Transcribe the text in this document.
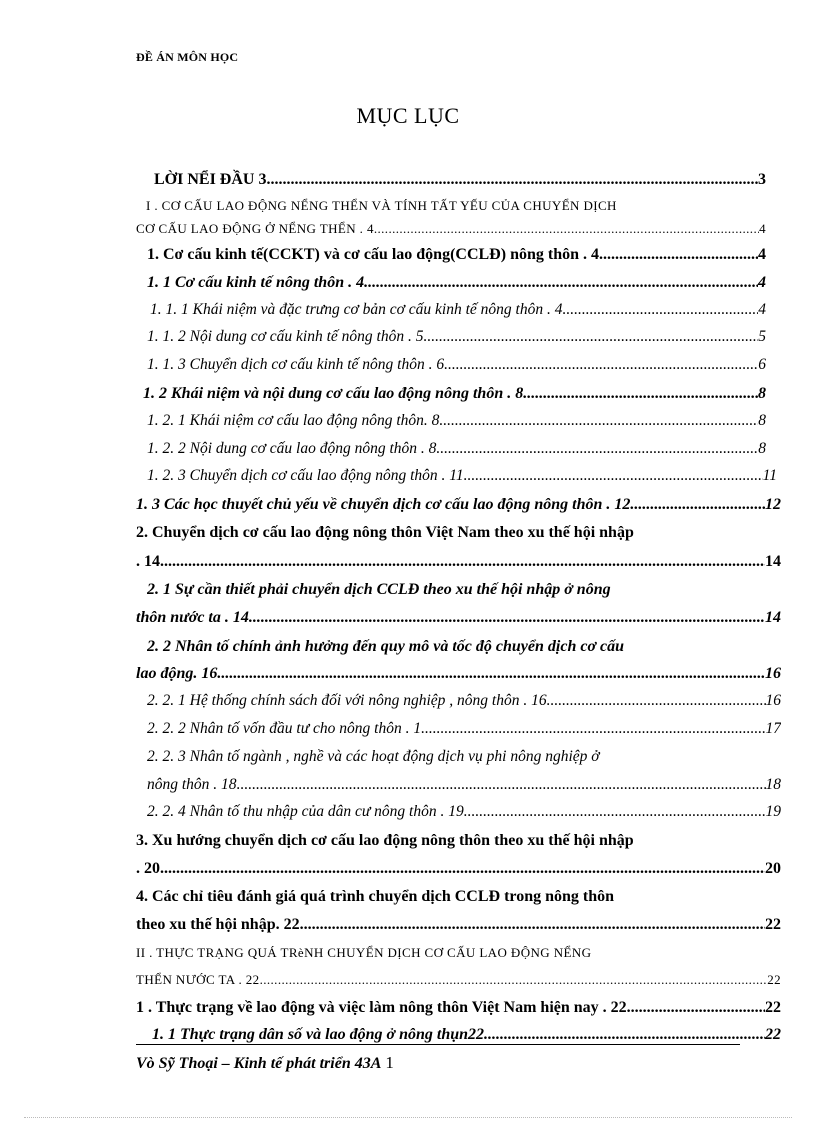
ĐỀ ÁN MÔN HỌC
MỤC LỤC
LỜI NỂI ĐẦU 3 .....	3
I . CƠ CẤU LAO ĐỘNG NỂNG THỂN VÀ TÍNH TẤT YẾU CỦA CHUYỂN DỊCH
CƠ CẤU LAO ĐỘNG Ở NỂNG THỂN . 4 .....	4
1. Cơ cấu kinh tế(CCKT) và cơ cấu lao động(CCLĐ) nông thôn . 4 .....	4
1. 1 Cơ cấu kinh tế nông thôn . 4 .....	4
1. 1. 1 Khái niệm và đặc trưng cơ bản cơ cấu kinh tế nông thôn . 4 .....	4
1. 1. 2 Nội dung cơ cấu kinh tế nông thôn . 5 .....	5
1. 1. 3 Chuyển dịch cơ cấu kinh tế nông thôn . 6 .....	6
1. 2 Khái niệm và nội dung cơ cấu lao động nông thôn . 8 .....	8
1. 2. 1 Khái niệm cơ cấu lao động nông thôn. 8 .....	8
1. 2. 2 Nội dung cơ cấu lao động nông thôn . 8 .....	8
1. 2. 3 Chuyển dịch cơ cấu lao động nông thôn . 11 .....	11
1. 3 Các học thuyết chủ yếu về chuyển dịch cơ cấu lao động nông thôn . 12 .....	12
2. Chuyển dịch cơ cấu lao động nông thôn Việt Nam theo xu thế hội nhập
. 14 .....	14
2. 1 Sự cần thiết phải chuyển dịch CCLĐ theo xu thế hội nhập ở nông
thôn nước ta . 14 .....	14
2. 2 Nhân tố chính ảnh hưởng đến quy mô và tốc độ chuyển dịch cơ cấu
lao động. 16 .....	16
2. 2. 1 Hệ thống chính sách đối với nông nghiệp , nông thôn . 16 .....	16
2. 2. 2 Nhân tố vốn đầu tư cho nông thôn . 1 .....	17
2. 2. 3 Nhân tố ngành , nghề và các hoạt động dịch vụ phi nông nghiệp ở
nông thôn . 18 .....	18
2. 2. 4 Nhân tố thu nhập của dân cư nông thôn . 19 .....	19
3. Xu hướng chuyển dịch cơ cấu lao động nông thôn theo xu thế hội nhập
. 20 .....	20
4. Các chỉ tiêu đánh giá quá trình chuyển dịch CCLĐ trong nông thôn
theo xu thế hội nhập. 22 .....	22
II . THỰC TRẠNG QUÁ TRèNH CHUYỂN DỊCH CƠ CẤU LAO ĐỘNG NỂNG
THỂN NƯỚC TA . 22 .....	22
1 . Thực trạng về lao động và việc làm nông thôn Việt Nam hiện nay . 22 .....	22
1. 1 Thực trạng dân số và lao động ở nông thụn22 .....	22
Vò Sỹ Thoại – Kinh tế phát triển 43A 1
